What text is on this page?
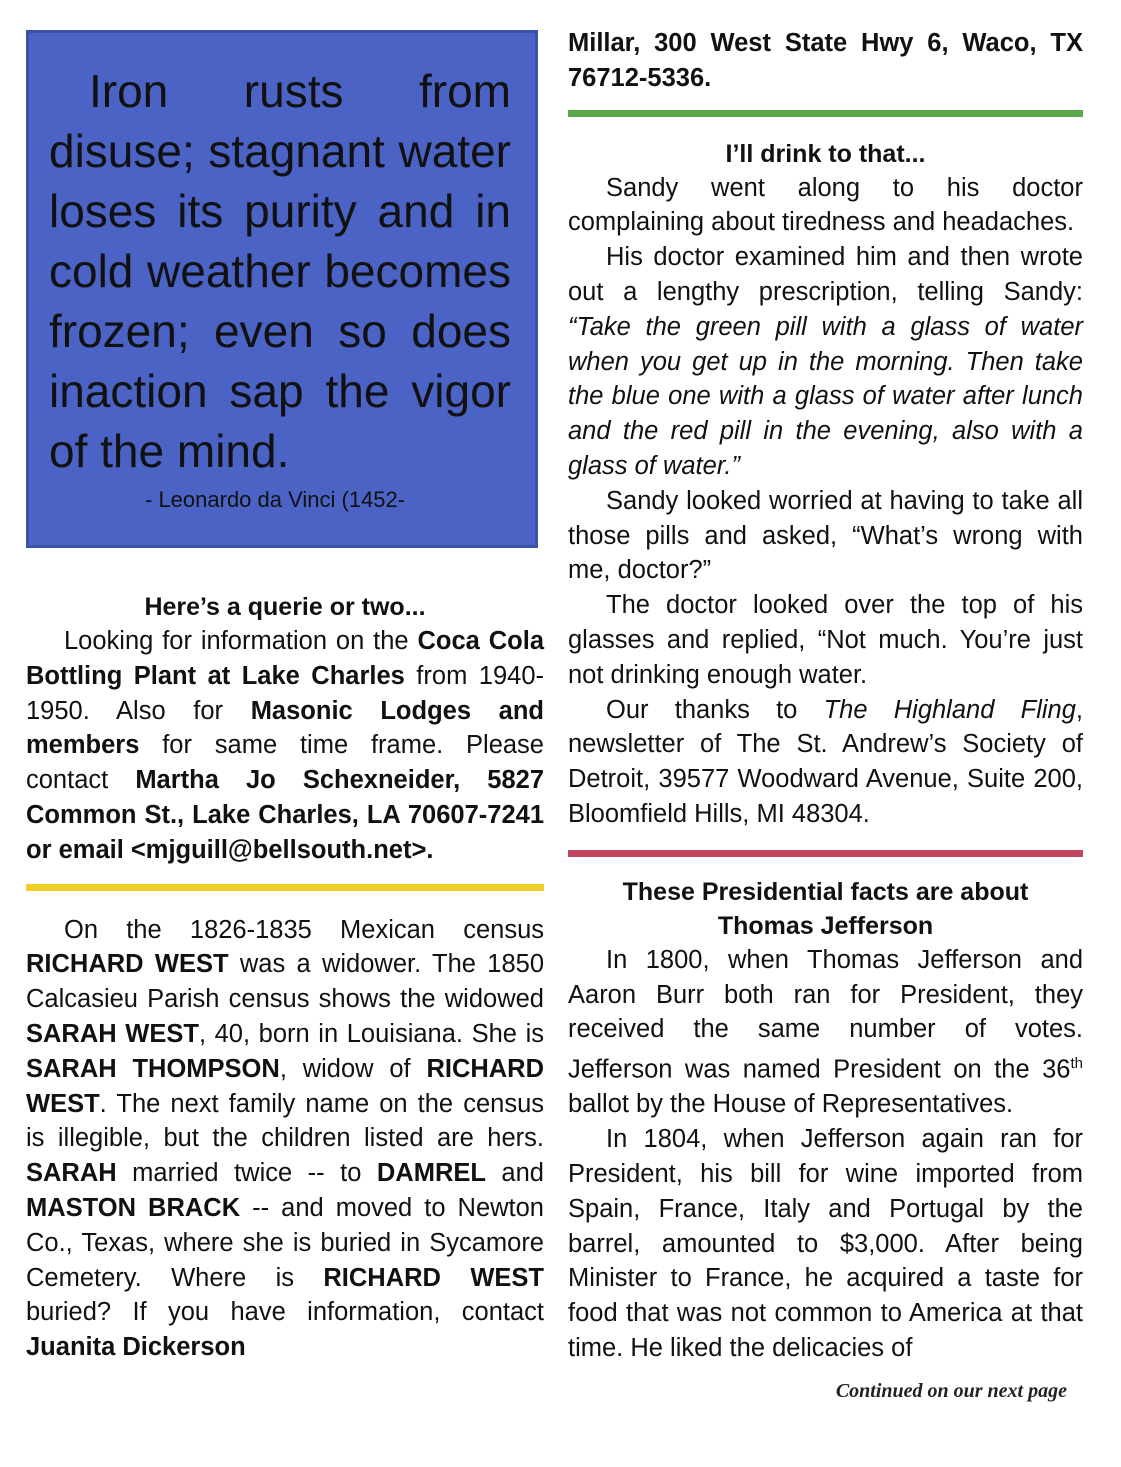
Iron rusts from disuse; stagnant water loses its purity and in cold weather becomes frozen; even so does inaction sap the vigor of the mind.

- Leonardo da Vinci (1452-
Here’s a querie or two...

Looking for information on the Coca Cola Bottling Plant at Lake Charles from 1940-1950. Also for Masonic Lodges and members for same time frame. Please contact Martha Jo Schexneider, 5827 Common St., Lake Charles, LA 70607-7241 or email <mjguill@bellsouth.net>.

On the 1826-1835 Mexican census RICHARD WEST was a widower. The 1850 Calcasieu Parish census shows the widowed SARAH WEST, 40, born in Louisiana. She is SARAH THOMPSON, widow of RICHARD WEST. The next family name on the census is illegible, but the children listed are hers. SARAH married twice -- to DAMREL and MASTON BRACK -- and moved to Newton Co., Texas, where she is buried in Sycamore Cemetery. Where is RICHARD WEST buried? If you have information, contact Juanita Dickerson

Millar, 300 West State Hwy 6, Waco, TX 76712-5336.

I’ll drink to that...

Sandy went along to his doctor complaining about tiredness and headaches.

His doctor examined him and then wrote out a lengthy prescription, telling Sandy: “Take the green pill with a glass of water when you get up in the morning. Then take the blue one with a glass of water after lunch and the red pill in the evening, also with a glass of water.”

Sandy looked worried at having to take all those pills and asked, “What’s wrong with me, doctor?”

The doctor looked over the top of his glasses and replied, “Not much. You’re just not drinking enough water.

Our thanks to The Highland Fling, newsletter of The St. Andrew’s Society of Detroit, 39577 Woodward Avenue, Suite 200, Bloomfield Hills, MI 48304.

These Presidential facts are about
Thomas Jefferson

In 1800, when Thomas Jefferson and Aaron Burr both ran for President, they received the same number of votes. Jefferson was named President on the 36th ballot by the House of Representatives.

In 1804, when Jefferson again ran for President, his bill for wine imported from Spain, France, Italy and Portugal by the barrel, amounted to $3,000. After being Minister to France, he acquired a taste for food that was not common to America at that time. He liked the delicacies of

Continued on our next page
